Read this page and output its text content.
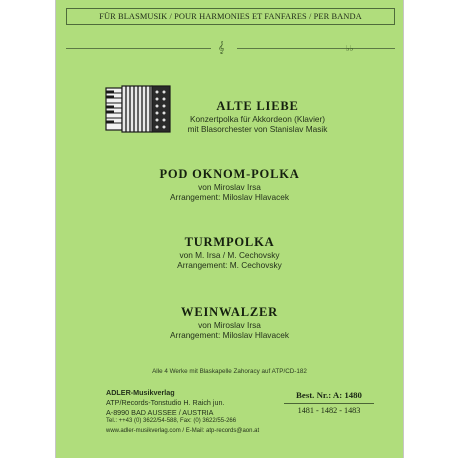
FÜR BLASMUSIK / POUR HARMONIES ET FANFARES / PER BANDA
𝄞	♭♭
ALTE LIEBE
Konzertpolka für Akkordeon (Klavier)
mit Blasorchester von Stanislav Masik
POD OKNOM-POLKA
von Miroslav Irsa
Arrangement: Miloslav Hlavacek
TURMPOLKA
von M. Irsa / M. Cechovsky
Arrangement: M. Cechovsky
WEINWALZER
von Miroslav Irsa
Arrangement: Miloslav Hlavacek
Alle 4 Werke mit Blaskapelle Zahoracy auf ATP/CD-182
ADLER-Musikverlag
ATP/Records-Tonstudio H. Raich jun.
A-8990 BAD AUSSEE / AUSTRIA
Tel.: ++43 (0) 3622/54-588, Fax: (0) 3622/55-266
www.adler-musikverlag.com / E-Mail: atp-records@aon.at
Best. Nr.: A: 1480
1481 - 1482 - 1483
